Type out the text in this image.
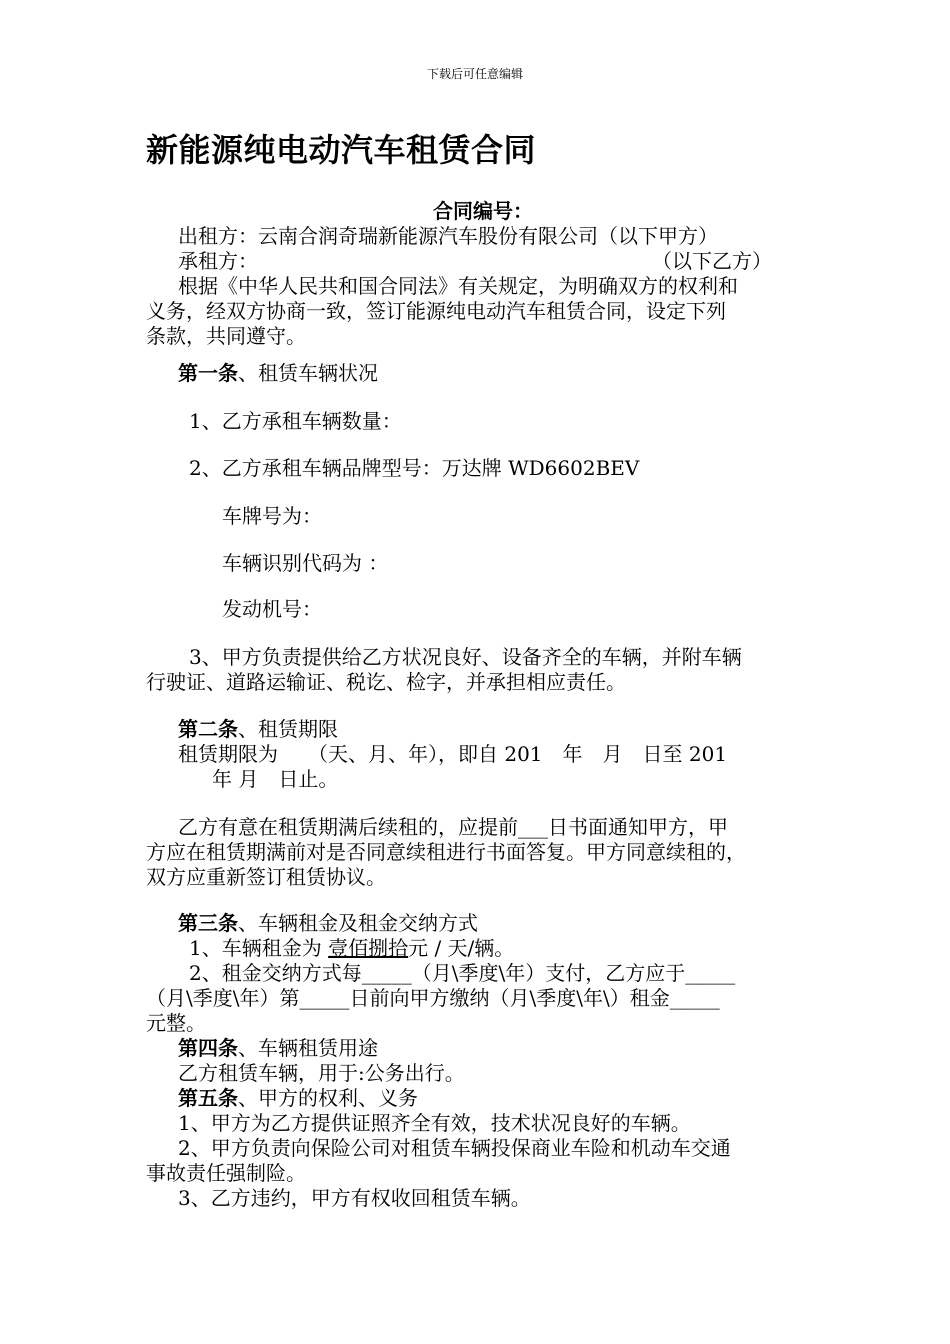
下载后可任意编辑
新能源纯电动汽车租赁合同
合同编号：
出租方：云南合润奇瑞新能源汽车股份有限公司（以下甲方）
承租方：	（以下乙方）
根据《中华人民共和国合同法》有关规定，为明确双方的权利和
义务，经双方协商一致，签订能源纯电动汽车租赁合同，设定下列
条款，共同遵守。
第一条、租赁车辆状况
1、乙方承租车辆数量：
2、乙方承租车辆品牌型号：万达牌 WD6602BEV
车牌号为：
车辆识别代码为 ：
发动机号：
3、甲方负责提供给乙方状况良好、设备齐全的车辆，并附车辆
行驶证、道路运输证、税讫、检字，并承担相应责任。
第二条、租赁期限
租赁期限为　　（天、月、年），即自 201　年　月　日至 201
年 月　日止。
乙方有意在租赁期满后续租的，应提前___日书面通知甲方，甲
方应在租赁期满前对是否同意续租进行书面答复。甲方同意续租的，
双方应重新签订租赁协议。
第三条、车辆租金及租金交纳方式
1、车辆租金为 壹佰捌拾元 / 天/辆。
2、租金交纳方式每_____（月\季度\年）支付，乙方应于_____
（月\季度\年）第_____日前向甲方缴纳（月\季度\年\）租金_____
元整。
第四条、车辆租赁用途
乙方租赁车辆，用于:公务出行。
第五条、甲方的权利、义务
1、甲方为乙方提供证照齐全有效，技术状况良好的车辆。
2、甲方负责向保险公司对租赁车辆投保商业车险和机动车交通
事故责任强制险。
3、乙方违约，甲方有权收回租赁车辆。
